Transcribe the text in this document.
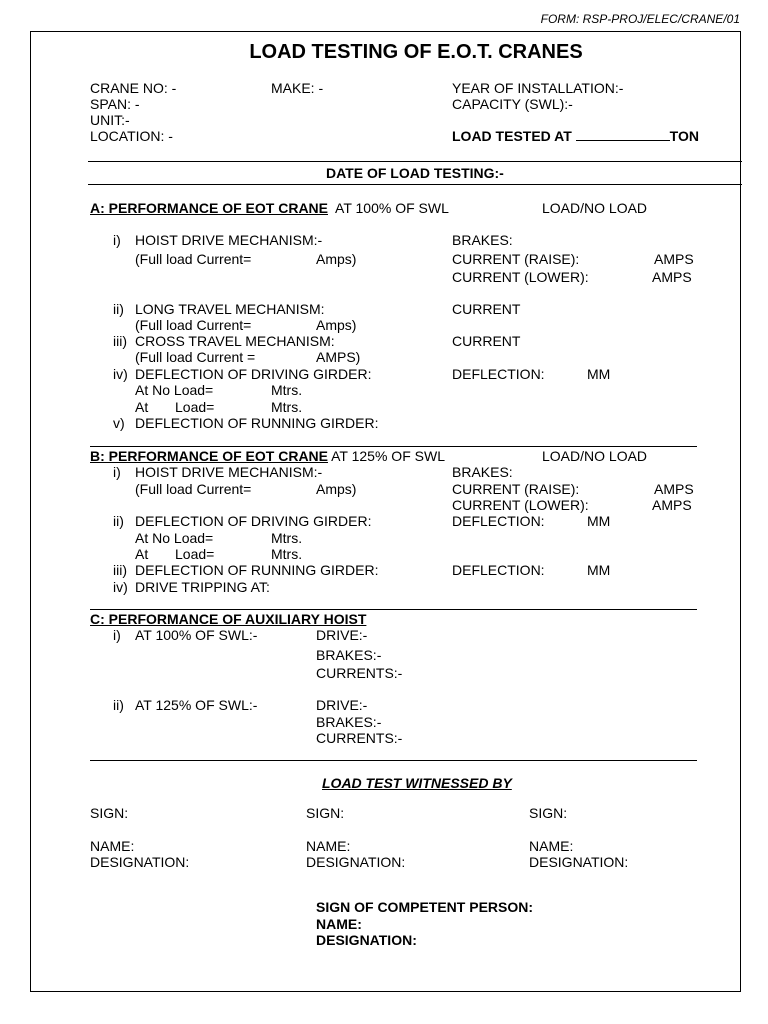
FORM: RSP-PROJ/ELEC/CRANE/01
LOAD TESTING OF E.O.T. CRANES
CRANE NO: -	MAKE: -	YEAR OF INSTALLATION:-
SPAN: -	CAPACITY (SWL):-
UNIT:-
LOCATION: -	LOAD TESTED AT	TON
DATE OF LOAD TESTING:-
A: PERFORMANCE OF EOT CRANE AT 100% OF SWL	LOAD/NO LOAD
i) HOIST DRIVE MECHANISM:-	BRAKES:
(Full load Current=	Amps)	CURRENT (RAISE):	AMPS
CURRENT (LOWER):	AMPS
ii) LONG TRAVEL MECHANISM:	CURRENT
(Full load Current=	Amps)
iii) CROSS TRAVEL MECHANISM:	CURRENT
(Full load Current =	AMPS)
iv) DEFLECTION OF DRIVING GIRDER:	DEFLECTION:	MM
At No Load=	Mtrs.
At Load=	Mtrs.
v) DEFLECTION OF RUNNING GIRDER:
B: PERFORMANCE OF EOT CRANE AT 125% OF SWL	LOAD/NO LOAD
i) HOIST DRIVE MECHANISM:-	BRAKES:
(Full load Current=	Amps)	CURRENT (RAISE):	AMPS
CURRENT (LOWER):	AMPS
ii) DEFLECTION OF DRIVING GIRDER:	DEFLECTION:	MM
At No Load=	Mtrs.
At Load=	Mtrs.
iii) DEFLECTION OF RUNNING GIRDER:	DEFLECTION:	MM
iv) DRIVE TRIPPING AT:
C: PERFORMANCE OF AUXILIARY HOIST
i) AT 100% OF SWL:-	DRIVE:-
BRAKES:-
CURRENTS:-
ii) AT 125% OF SWL:-	DRIVE:-
BRAKES:-
CURRENTS:-
LOAD TEST WITNESSED BY
SIGN:	SIGN:	SIGN:
NAME:	NAME:	NAME:
DESIGNATION:	DESIGNATION:	DESIGNATION:
SIGN OF COMPETENT PERSON:
NAME:
DESIGNATION:
